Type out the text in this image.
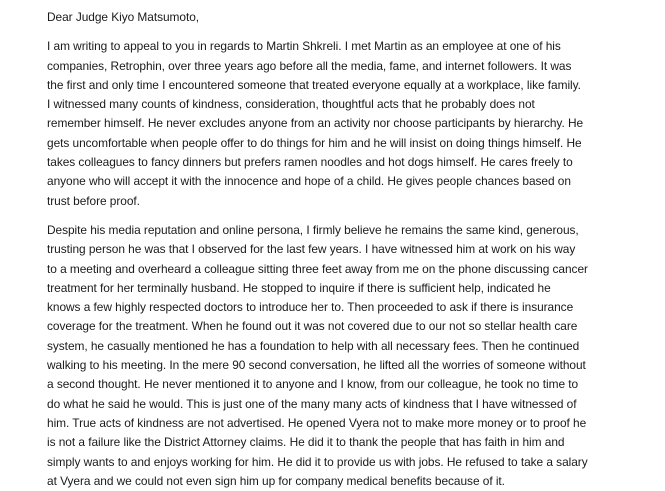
Dear Judge Kiyo Matsumoto,
I am writing to appeal to you in regards to Martin Shkreli. I met Martin as an employee at one of his
companies, Retrophin, over three years ago before all the media, fame, and internet followers. It was
the first and only time I encountered someone that treated everyone equally at a workplace, like family.
I witnessed many counts of kindness, consideration, thoughtful acts that he probably does not
remember himself. He never excludes anyone from an activity nor choose participants by hierarchy. He
gets uncomfortable when people offer to do things for him and he will insist on doing things himself. He
takes colleagues to fancy dinners but prefers ramen noodles and hot dogs himself. He cares freely to
anyone who will accept it with the innocence and hope of a child. He gives people chances based on
trust before proof.
Despite his media reputation and online persona, I firmly believe he remains the same kind, generous,
trusting person he was that I observed for the last few years. I have witnessed him at work on his way
to a meeting and overheard a colleague sitting three feet away from me on the phone discussing cancer
treatment for her terminally husband. He stopped to inquire if there is sufficient help, indicated he
knows a few highly respected doctors to introduce her to. Then proceeded to ask if there is insurance
coverage for the treatment. When he found out it was not covered due to our not so stellar health care
system, he casually mentioned he has a foundation to help with all necessary fees. Then he continued
walking to his meeting. In the mere 90 second conversation, he lifted all the worries of someone without
a second thought. He never mentioned it to anyone and I know, from our colleague, he took no time to
do what he said he would. This is just one of the many many acts of kindness that I have witnessed of
him. True acts of kindness are not advertised. He opened Vyera not to make more money or to proof he
is not a failure like the District Attorney claims. He did it to thank the people that has faith in him and
simply wants to and enjoys working for him. He did it to provide us with jobs. He refused to take a salary
at Vyera and we could not even sign him up for company medical benefits because of it.
